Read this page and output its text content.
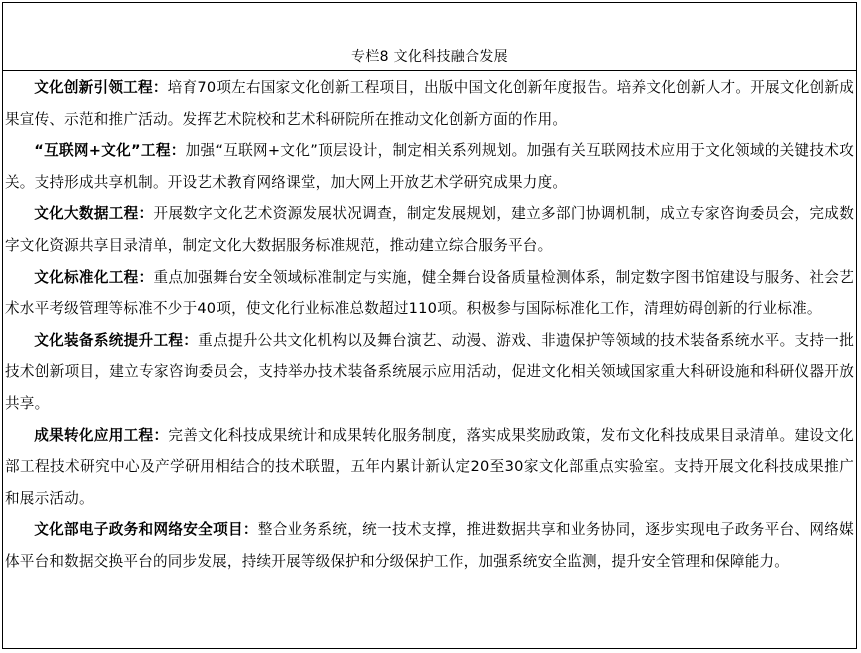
专栏8 文化科技融合发展

文化创新引领工程：培育70项左右国家文化创新工程项目，出版中国文化创新年度报告。培养文化创新人才。开展文化创新成果宣传、示范和推广活动。发挥艺术院校和艺术科研院所在推动文化创新方面的作用。

“互联网+文化”工程：加强“互联网+文化”顶层设计，制定相关系列规划。加强有关互联网技术应用于文化领域的关键技术攻关。支持形成共享机制。开设艺术教育网络课堂，加大网上开放艺术学研究成果力度。

文化大数据工程：开展数字文化艺术资源发展状况调查，制定发展规划，建立多部门协调机制，成立专家咨询委员会，完成数字文化资源共享目录清单，制定文化大数据服务标准规范，推动建立综合服务平台。

文化标准化工程：重点加强舞台安全领域标准制定与实施，健全舞台设备质量检测体系，制定数字图书馆建设与服务、社会艺术水平考级管理等标准不少于40项，使文化行业标准总数超过110项。积极参与国际标准化工作，清理妨碍创新的行业标准。

文化装备系统提升工程：重点提升公共文化机构以及舞台演艺、动漫、游戏、非遗保护等领域的技术装备系统水平。支持一批技术创新项目，建立专家咨询委员会，支持举办技术装备系统展示应用活动，促进文化相关领域国家重大科研设施和科研仪器开放共享。

成果转化应用工程：完善文化科技成果统计和成果转化服务制度，落实成果奖励政策，发布文化科技成果目录清单。建设文化部工程技术研究中心及产学研用相结合的技术联盟，五年内累计新认定20至30家文化部重点实验室。支持开展文化科技成果推广和展示活动。

文化部电子政务和网络安全项目：整合业务系统，统一技术支撑，推进数据共享和业务协同，逐步实现电子政务平台、网络媒体平台和数据交换平台的同步发展，持续开展等级保护和分级保护工作，加强系统安全监测，提升安全管理和保障能力。
